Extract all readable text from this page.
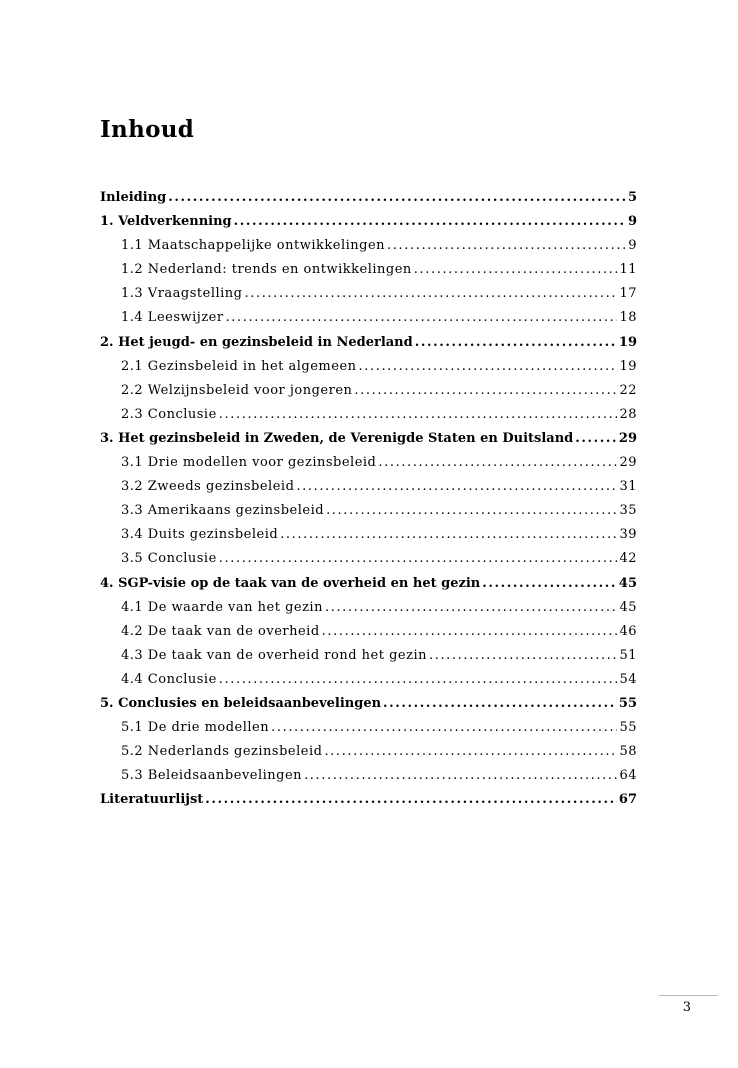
Inhoud
Inleiding .....	5
1. Veldverkenning .....	9
1.1 Maatschappelijke ontwikkelingen .....	9
1.2 Nederland: trends en ontwikkelingen .....	11
1.3 Vraagstelling .....	17
1.4 Leeswijzer .....	18
2. Het jeugd- en gezinsbeleid in Nederland .....	19
2.1 Gezinsbeleid in het algemeen .....	19
2.2 Welzijnsbeleid voor jongeren .....	22
2.3 Conclusie .....	28
3. Het gezinsbeleid in Zweden, de Verenigde Staten en Duitsland .....	29
3.1 Drie modellen voor gezinsbeleid .....	29
3.2 Zweeds gezinsbeleid .....	31
3.3 Amerikaans gezinsbeleid .....	35
3.4 Duits gezinsbeleid .....	39
3.5 Conclusie .....	42
4. SGP-visie op de taak van de overheid en het gezin .....	45
4.1 De waarde van het gezin .....	45
4.2 De taak van de overheid .....	46
4.3 De taak van de overheid rond het gezin .....	51
4.4 Conclusie .....	54
5. Conclusies en beleidsaanbevelingen .....	55
5.1 De drie modellen .....	55
5.2 Nederlands gezinsbeleid .....	58
5.3 Beleidsaanbevelingen .....	64
Literatuurlijst .....	67
3
